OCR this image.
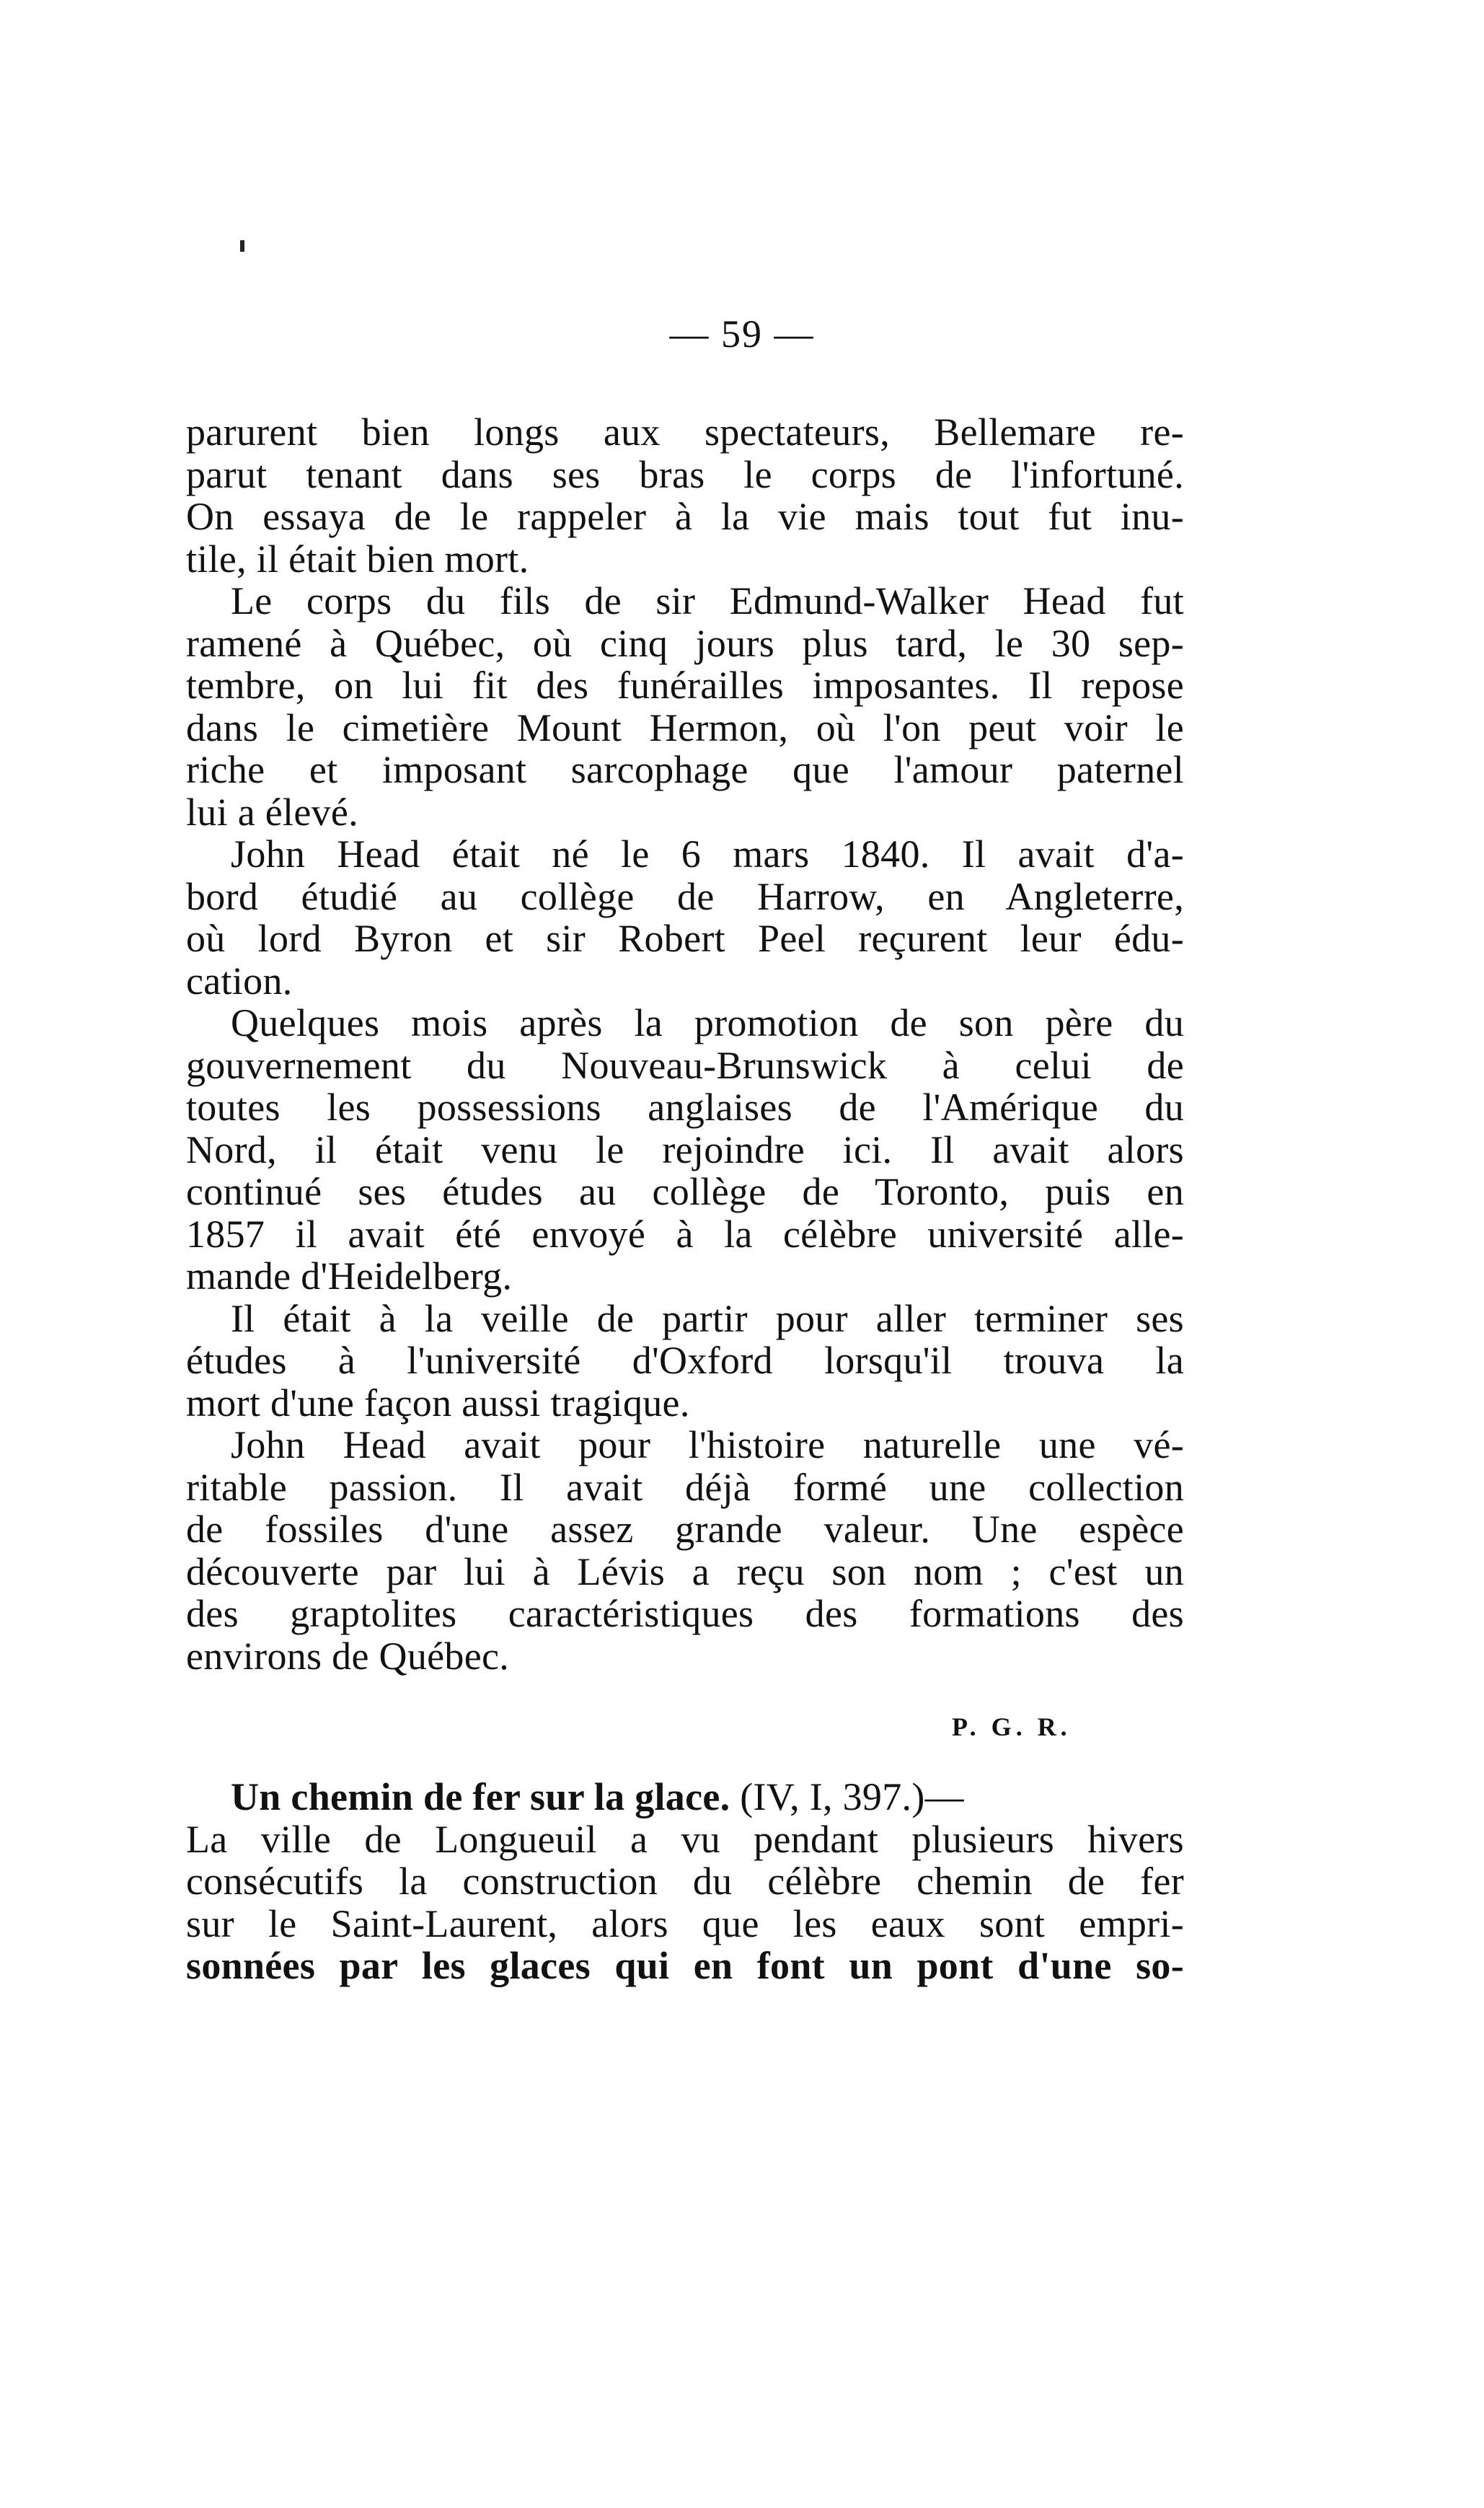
— 59 —
parurent bien longs aux spectateurs, Bellemare re-
parut tenant dans ses bras le corps de l'infortuné.
On essaya de le rappeler à la vie mais tout fut inu-
tile, il était bien mort.
Le corps du fils de sir Edmund-Walker Head fut
ramené à Québec, où cinq jours plus tard, le 30 sep-
tembre, on lui fit des funérailles imposantes. Il repose
dans le cimetière Mount Hermon, où l'on peut voir le
riche et imposant sarcophage que l'amour paternel
lui a élevé.
John Head était né le 6 mars 1840. Il avait d'a-
bord étudié au collège de Harrow, en Angleterre,
où lord Byron et sir Robert Peel reçurent leur édu-
cation.
Quelques mois après la promotion de son père du
gouvernement du Nouveau-Brunswick à celui de
toutes les possessions anglaises de l'Amérique du
Nord, il était venu le rejoindre ici. Il avait alors
continué ses études au collège de Toronto, puis en
1857 il avait été envoyé à la célèbre université alle-
mande d'Heidelberg.
Il était à la veille de partir pour aller terminer ses
études à l'université d'Oxford lorsqu'il trouva la
mort d'une façon aussi tragique.
John Head avait pour l'histoire naturelle une vé-
ritable passion. Il avait déjà formé une collection
de fossiles d'une assez grande valeur. Une espèce
découverte par lui à Lévis a reçu son nom ; c'est un
des graptolites caractéristiques des formations des
environs de Québec.
P. G. R.
Un chemin de fer sur la glace. (IV, I, 397.)—
La ville de Longueuil a vu pendant plusieurs hivers
consécutifs la construction du célèbre chemin de fer
sur le Saint-Laurent, alors que les eaux sont empri-
sonnées par les glaces qui en font un pont d'une so-
